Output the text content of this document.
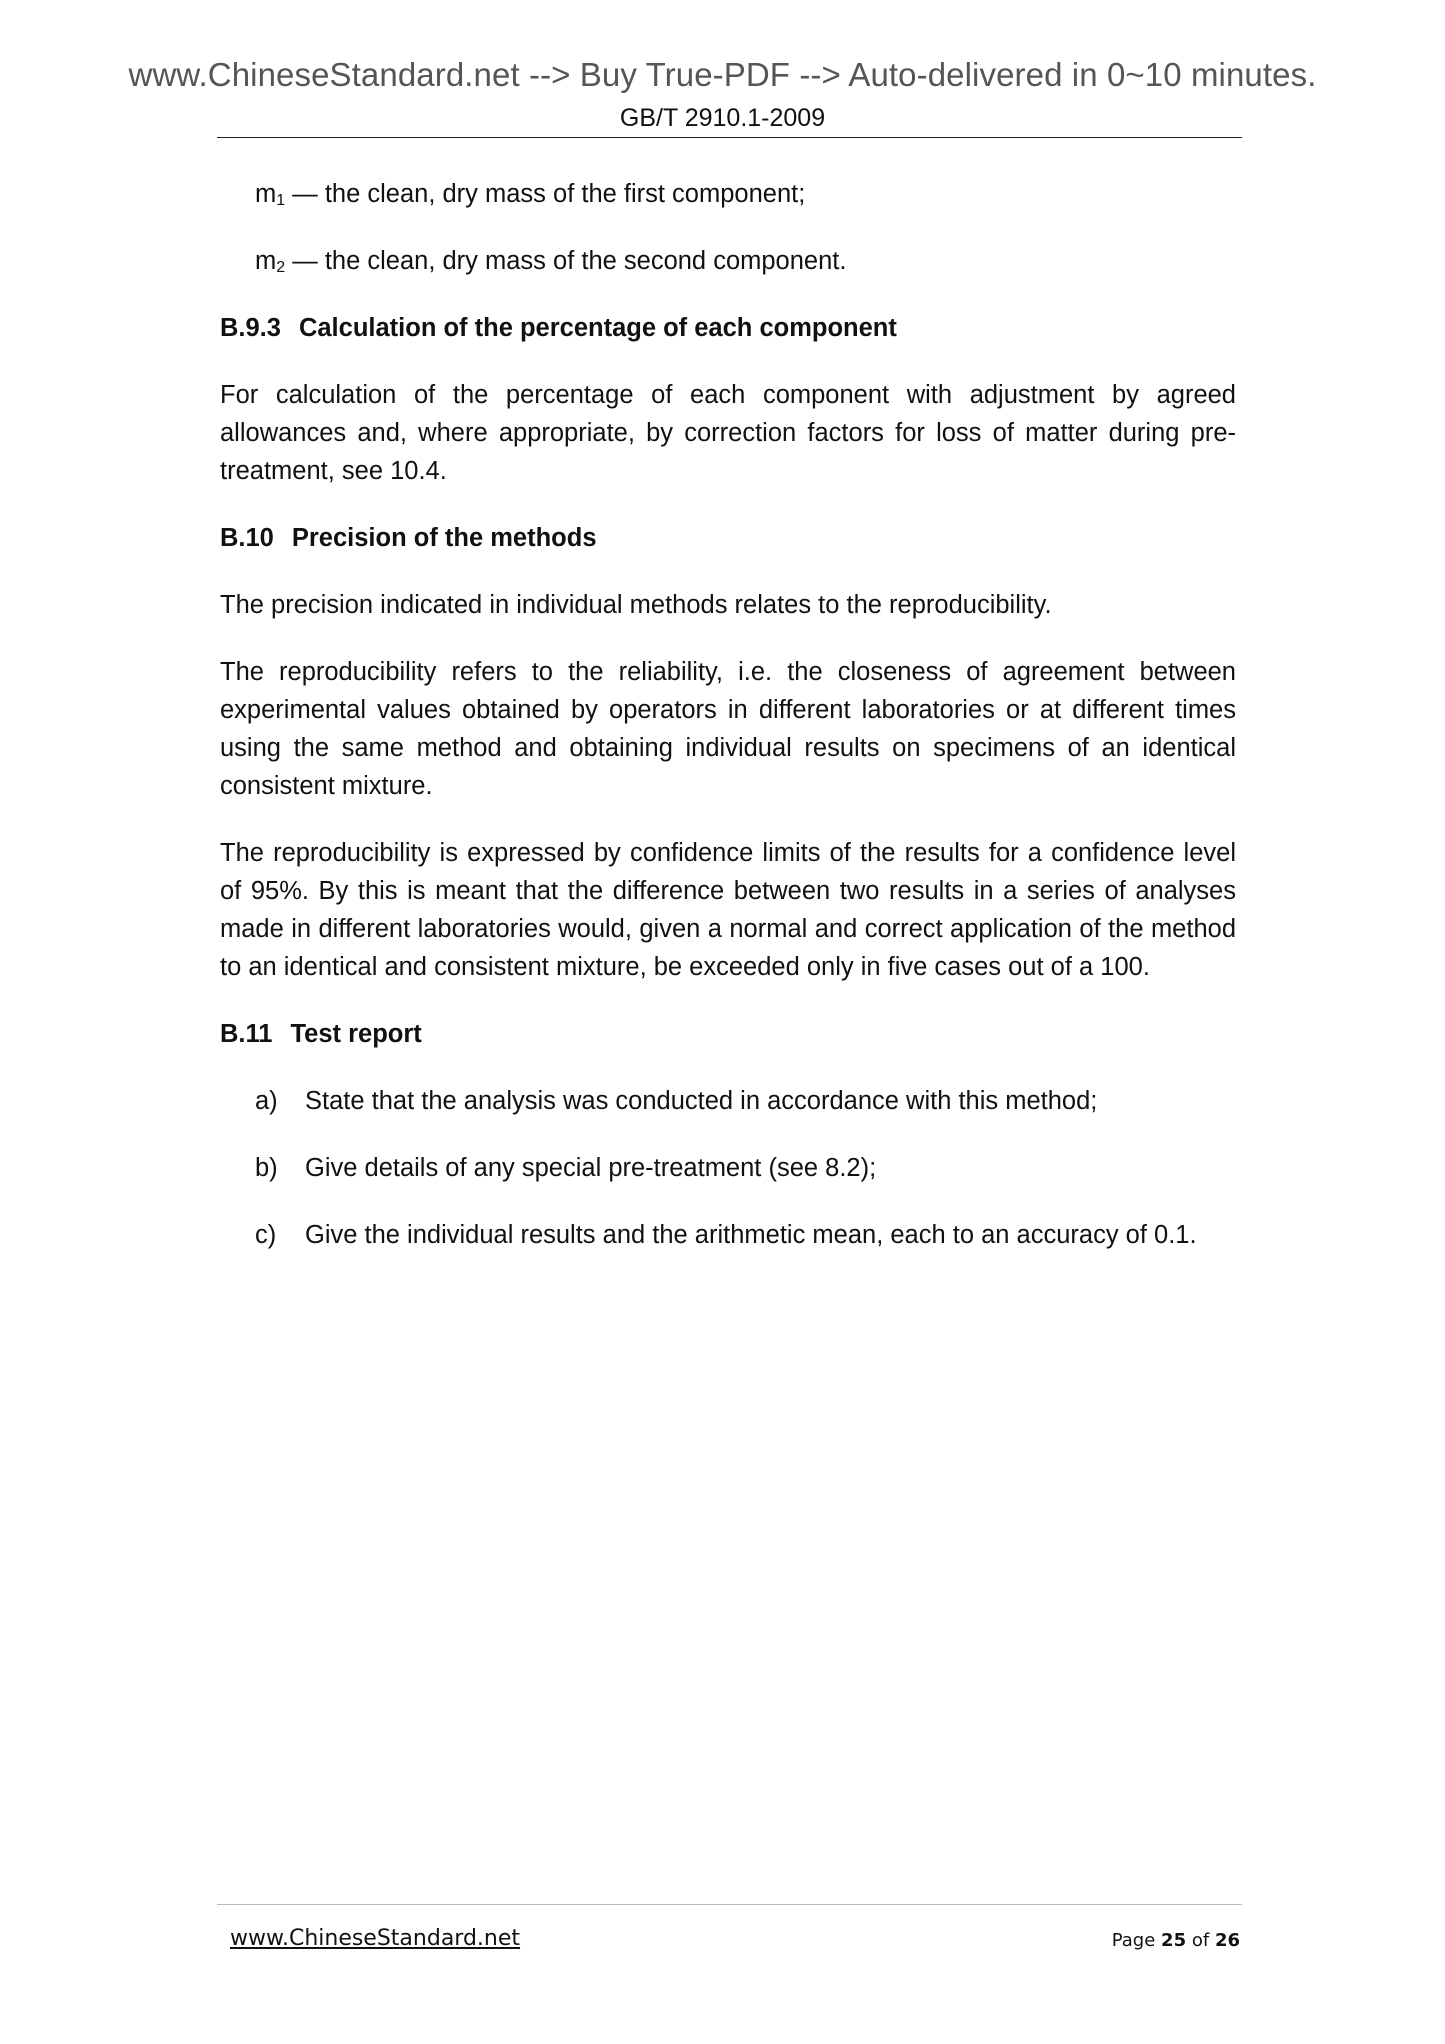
www.ChineseStandard.net --> Buy True-PDF --> Auto-delivered in 0~10 minutes.
GB/T 2910.1-2009

$m_1$ — the clean, dry mass of the first component;

$m_2$ — the clean, dry mass of the second component.

B.9.3 Calculation of the percentage of each component

For calculation of the percentage of each component with adjustment by agreed allowances and, where appropriate, by correction factors for loss of matter during pre-treatment, see 10.4.

B.10 Precision of the methods

The precision indicated in individual methods relates to the reproducibility.

The reproducibility refers to the reliability, i.e. the closeness of agreement between experimental values obtained by operators in different laboratories or at different times using the same method and obtaining individual results on specimens of an identical consistent mixture.

The reproducibility is expressed by confidence limits of the results for a confidence level of 95%. By this is meant that the difference between two results in a series of analyses made in different laboratories would, given a normal and correct application of the method to an identical and consistent mixture, be exceeded only in five cases out of a 100.

B.11 Test report

a) State that the analysis was conducted in accordance with this method;

b) Give details of any special pre-treatment (see 8.2);

c) Give the individual results and the arithmetic mean, each to an accuracy of 0.1.

www.ChineseStandard.net	Page 25 of 26
